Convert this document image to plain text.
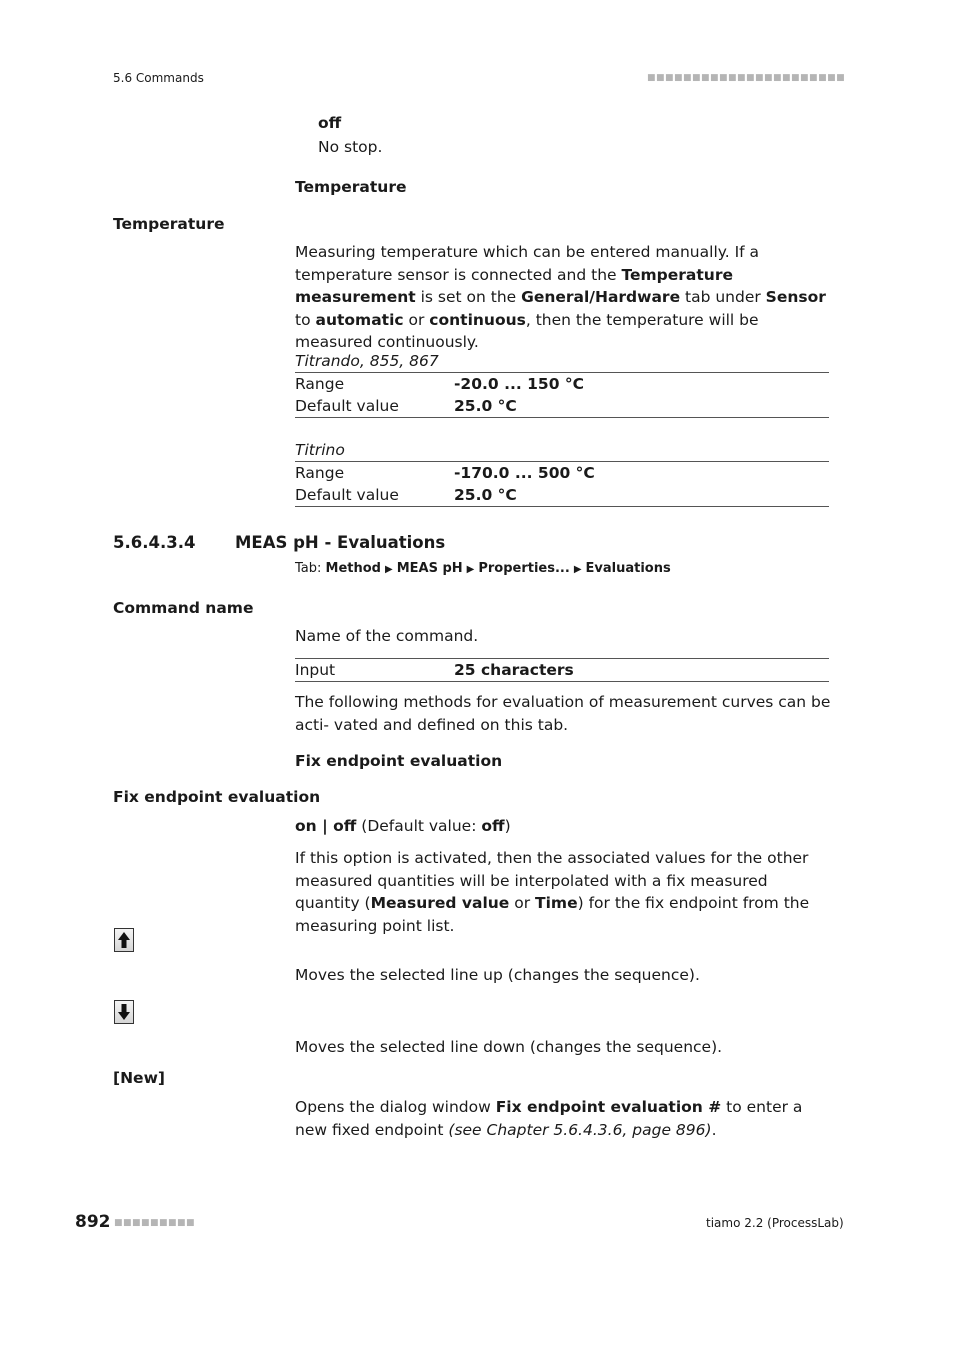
5.6 Commands	■■■■■■■■■■■■■■■■■■■■■■
off
No stop.
Temperature
Temperature
Measuring temperature which can be entered manually. If a temperature sensor is connected and the Temperature measurement is set on the General/Hardware tab under Sensor to automatic or continuous, then the temperature will be measured continuously.
Titrando, 855, 867
Range	-20.0 ... 150 °C
Default value	25.0 °C
Titrino
Range	-170.0 ... 500 °C
Default value	25.0 °C
5.6.4.3.4 MEAS pH - Evaluations
Tab: Method ▶ MEAS pH ▶ Properties... ▶ Evaluations
Command name
Name of the command.
Input	25 characters
The following methods for evaluation of measurement curves can be acti- vated and defined on this tab.
Fix endpoint evaluation
Fix endpoint evaluation
on | off (Default value: off)
If this option is activated, then the associated values for the other measured quantities will be interpolated with a fix measured quantity (Measured value or Time) for the fix endpoint from the measuring point list.
Moves the selected line up (changes the sequence).
Moves the selected line down (changes the sequence).
[New]
Opens the dialog window Fix endpoint evaluation # to enter a new fixed endpoint (see Chapter 5.6.4.3.6, page 896).
892 ■■■■■■■■■	tiamo 2.2 (ProcessLab)
